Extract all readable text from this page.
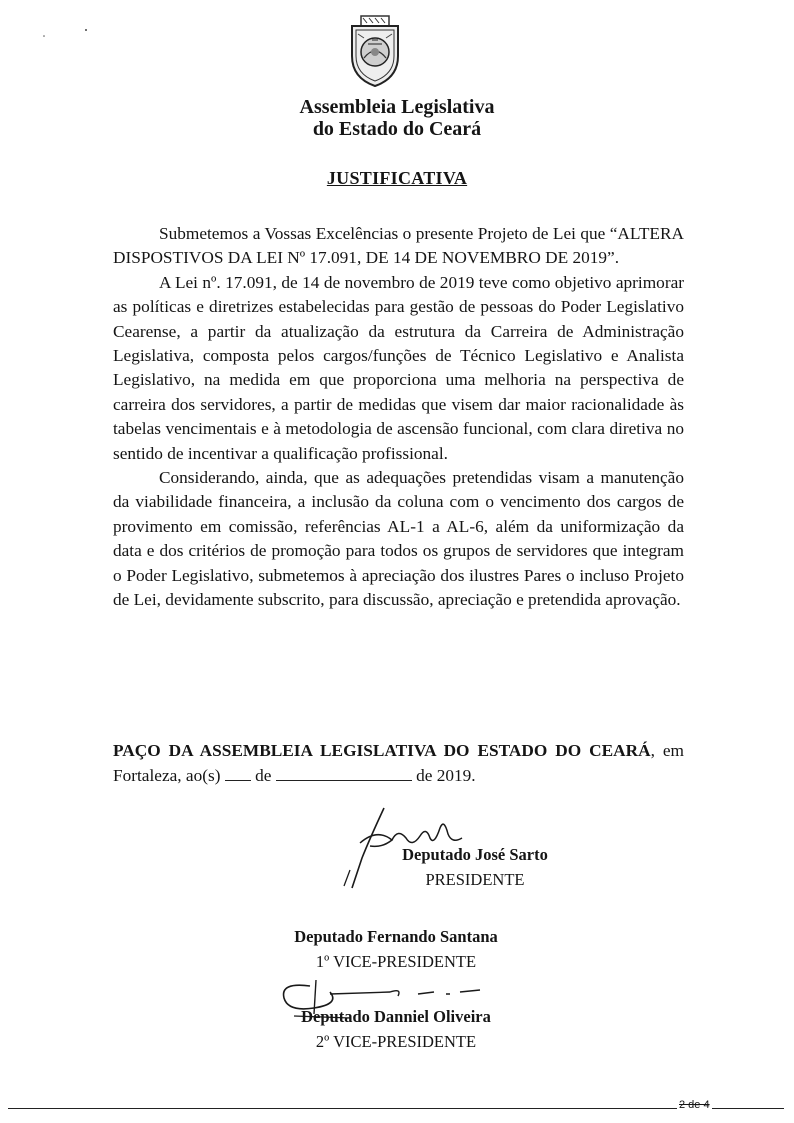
Assembleia Legislativa
do Estado do Ceará
JUSTIFICATIVA

Submetemos a Vossas Excelências o presente Projeto de Lei que “ALTERA DISPOSTIVOS DA LEI Nº 17.091, DE 14 DE NOVEMBRO DE 2019”.

A Lei nº. 17.091, de 14 de novembro de 2019 teve como objetivo aprimorar as políticas e diretrizes estabelecidas para gestão de pessoas do Poder Legislativo Cearense, a partir da atualização da estrutura da Carreira de Administração Legislativa, composta pelos cargos/funções de Técnico Legislativo e Analista Legislativo, na medida em que proporciona uma melhoria na perspectiva de carreira dos servidores, a partir de medidas que visem dar maior racionalidade às tabelas vencimentais e à metodologia de ascensão funcional, com clara diretiva no sentido de incentivar a qualificação profissional.

Considerando, ainda, que as adequações pretendidas visam a manutenção da viabilidade financeira, a inclusão da coluna com o vencimento dos cargos de provimento em comissão, referências AL-1 a AL-6, além da uniformização da data e dos critérios de promoção para todos os grupos de servidores que integram o Poder Legislativo, submetemos à apreciação dos ilustres Pares o incluso Projeto de Lei, devidamente subscrito, para discussão, apreciação e pretendida aprovação.

PAÇO DA ASSEMBLEIA LEGISLATIVA DO ESTADO DO CEARÁ, em
Fortaleza, ao(s) de	de 2019.
Deputado José Sarto
PRESIDENTE
Deputado Fernando Santana
1º VICE-PRESIDENTE
Deputado Danniel Oliveira
2º VICE-PRESIDENTE
2 de 4
